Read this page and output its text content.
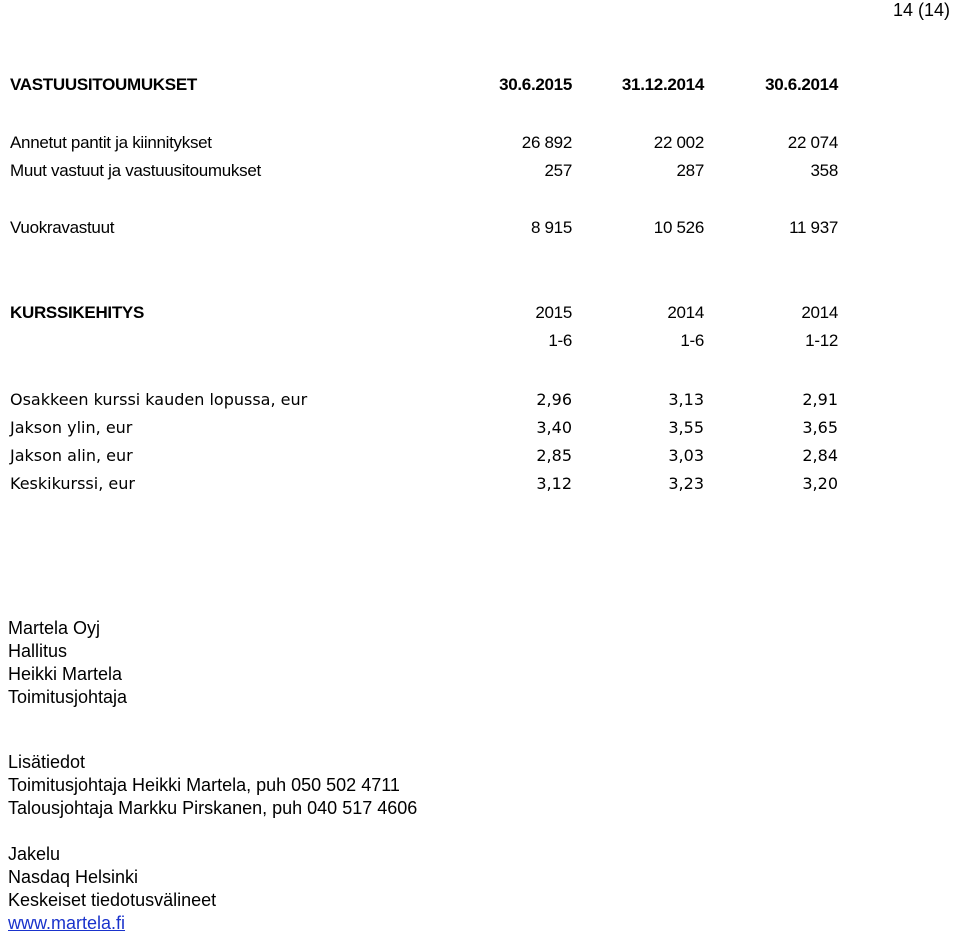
14 (14)
VASTUUSITOUMUKSET	30.6.2015	31.12.2014	30.6.2014
Annetut pantit ja kiinnitykset	26 892	22 002	22 074
Muut vastuut ja vastuusitoumukset	257	287	358
Vuokravastuut	8 915	10 526	11 937
KURSSIKEHITYS	2015	2014	2014
	1-6	1-6	1-12
Osakkeen kurssi kauden lopussa, eur	2,96	3,13	2,91
Jakson ylin, eur	3,40	3,55	3,65
Jakson alin, eur	2,85	3,03	2,84
Keskikurssi, eur	3,12	3,23	3,20
Martela Oyj
Hallitus
Heikki Martela
Toimitusjohtaja
Lisätiedot
Toimitusjohtaja Heikki Martela, puh 050 502 4711
Talousjohtaja Markku Pirskanen, puh 040 517 4606
Jakelu
Nasdaq Helsinki
Keskeiset tiedotusvälineet
www.martela.fi
